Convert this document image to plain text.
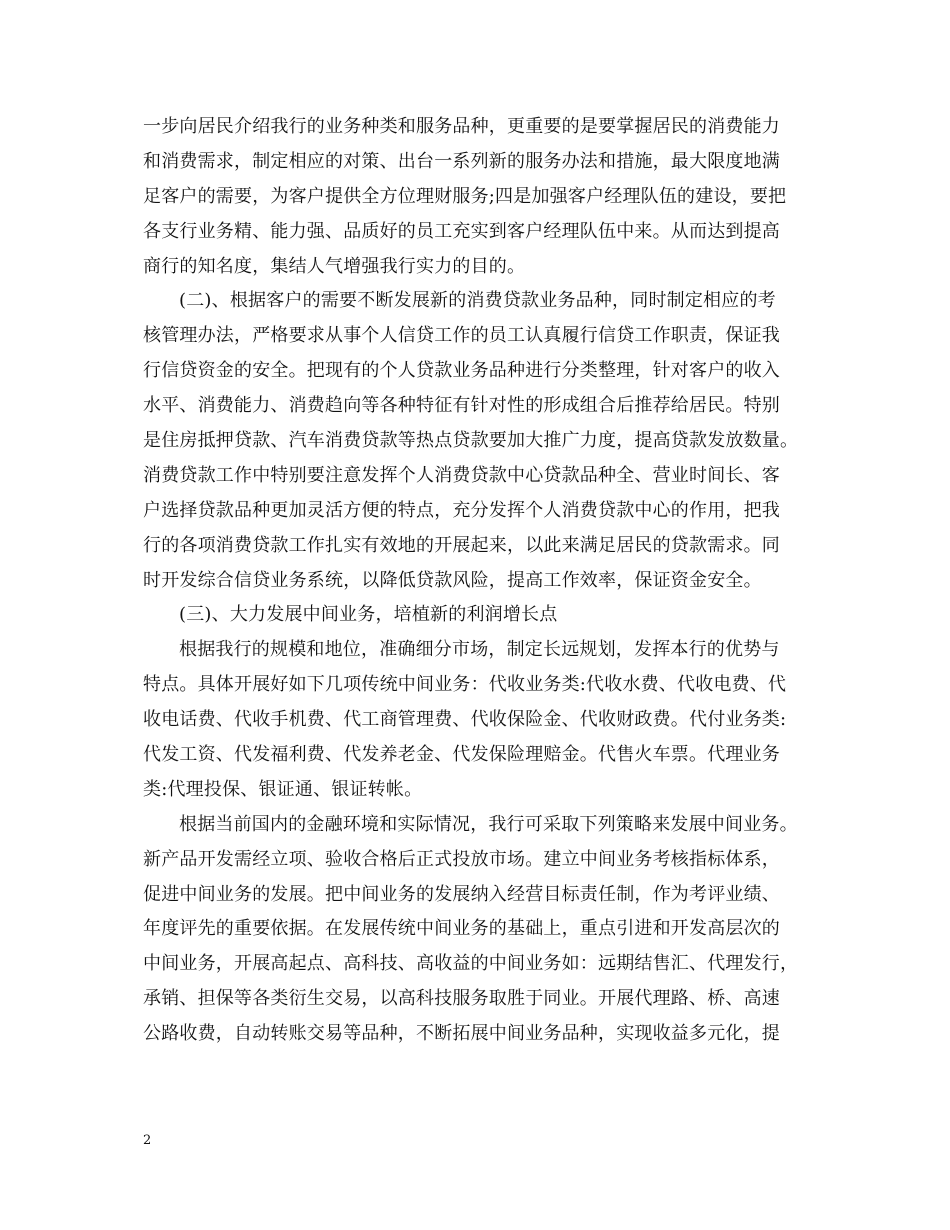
一步向居民介绍我行的业务种类和服务品种，更重要的是要掌握居民的消费能力
和消费需求，制定相应的对策、出台一系列新的服务办法和措施，最大限度地满
足客户的需要，为客户提供全方位理财服务;四是加强客户经理队伍的建设，要把
各支行业务精、能力强、品质好的员工充实到客户经理队伍中来。从而达到提高
商行的知名度，集结人气增强我行实力的目的。
(二)、根据客户的需要不断发展新的消费贷款业务品种，同时制定相应的考
核管理办法，严格要求从事个人信贷工作的员工认真履行信贷工作职责，保证我
行信贷资金的安全。把现有的个人贷款业务品种进行分类整理，针对客户的收入
水平、消费能力、消费趋向等各种特征有针对性的形成组合后推荐给居民。特别
是住房抵押贷款、汽车消费贷款等热点贷款要加大推广力度，提高贷款发放数量。
消费贷款工作中特别要注意发挥个人消费贷款中心贷款品种全、营业时间长、客
户选择贷款品种更加灵活方便的特点，充分发挥个人消费贷款中心的作用，把我
行的各项消费贷款工作扎实有效地的开展起来，以此来满足居民的贷款需求。同
时开发综合信贷业务系统，以降低贷款风险，提高工作效率，保证资金安全。
(三)、大力发展中间业务，培植新的利润增长点
根据我行的规模和地位，准确细分市场，制定长远规划，发挥本行的优势与
特点。具体开展好如下几项传统中间业务：代收业务类:代收水费、代收电费、代
收电话费、代收手机费、代工商管理费、代收保险金、代收财政费。代付业务类:
代发工资、代发福利费、代发养老金、代发保险理赔金。代售火车票。代理业务
类:代理投保、银证通、银证转帐。
根据当前国内的金融环境和实际情况，我行可采取下列策略来发展中间业务。
新产品开发需经立项、验收合格后正式投放市场。建立中间业务考核指标体系，
促进中间业务的发展。把中间业务的发展纳入经营目标责任制，作为考评业绩、
年度评先的重要依据。在发展传统中间业务的基础上，重点引进和开发高层次的
中间业务，开展高起点、高科技、高收益的中间业务如：远期结售汇、代理发行，
承销、担保等各类衍生交易，以高科技服务取胜于同业。开展代理路、桥、高速
公路收费，自动转账交易等品种，不断拓展中间业务品种，实现收益多元化，提
2
